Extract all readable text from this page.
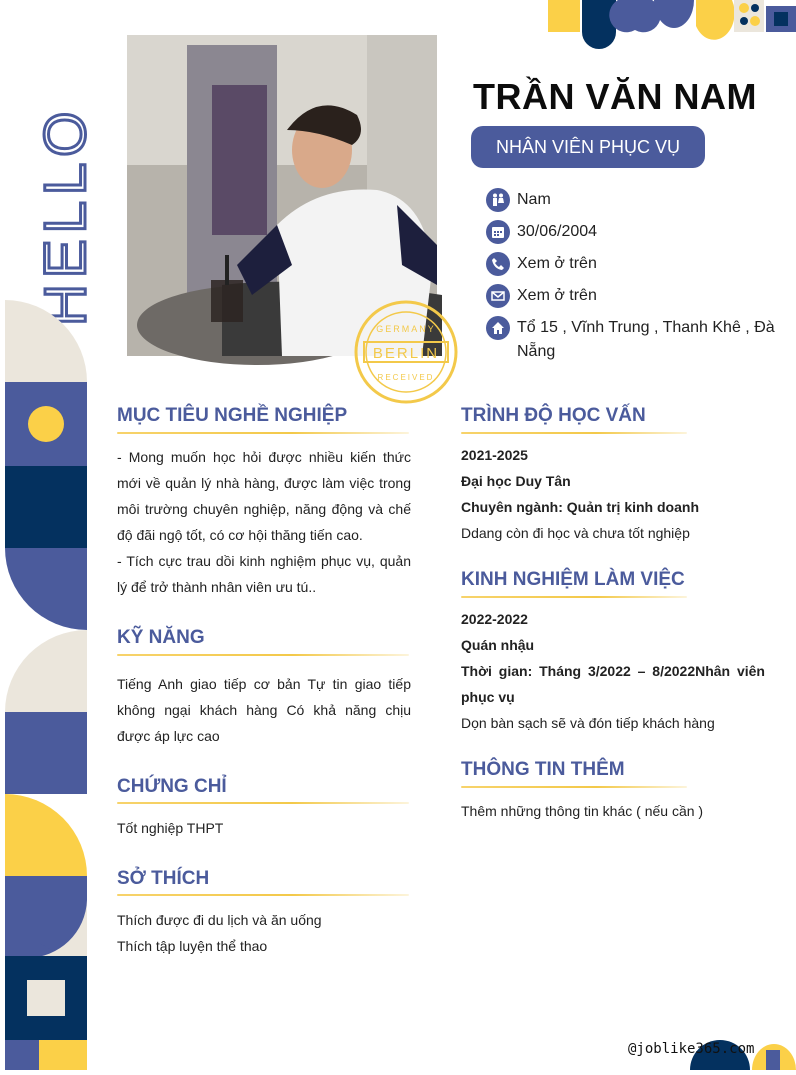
HELLO
BERLIN
GERMANY
RECEIVED
TRẦN VĂN NAM
NHÂN VIÊN PHỤC VỤ
Nam
30/06/2004
Xem ở trên
Xem ở trên
Tổ 15 , Vĩnh Trung , Thanh Khê , Đà Nẵng
MỤC TIÊU NGHỀ NGHIỆP

- Mong muốn học hỏi được nhiều kiến thức mới về quản lý nhà hàng, được làm việc trong môi trường chuyên nghiệp, năng động và chế độ đãi ngộ tốt, có cơ hội thăng tiến cao.

- Tích cực trau dồi kinh nghiệm phục vụ, quản lý để trở thành nhân viên ưu tú..

KỸ NĂNG
Tiếng Anh giao tiếp cơ bản Tự tin giao tiếp không ngại khách hàng Có khả năng chịu được áp lực cao
CHỨNG CHỈ
Tốt nghiệp THPT
SỞ THÍCH

Thích được đi du lịch và ăn uống

Thích tập luyện thể thao

TRÌNH ĐỘ HỌC VẤN

2021-2025

Đại học Duy Tân

Chuyên ngành: Quản trị kinh doanh

Ddang còn đi học và chưa tốt nghiệp

KINH NGHIỆM LÀM VIỆC

2022-2022

Quán nhậu

Thời gian: Tháng 3/2022 – 8/2022Nhân viên phục vụ

Dọn bàn sạch sẽ và đón tiếp khách hàng

THÔNG TIN THÊM
Thêm những thông tin khác ( nếu cần )
@joblike365.com
